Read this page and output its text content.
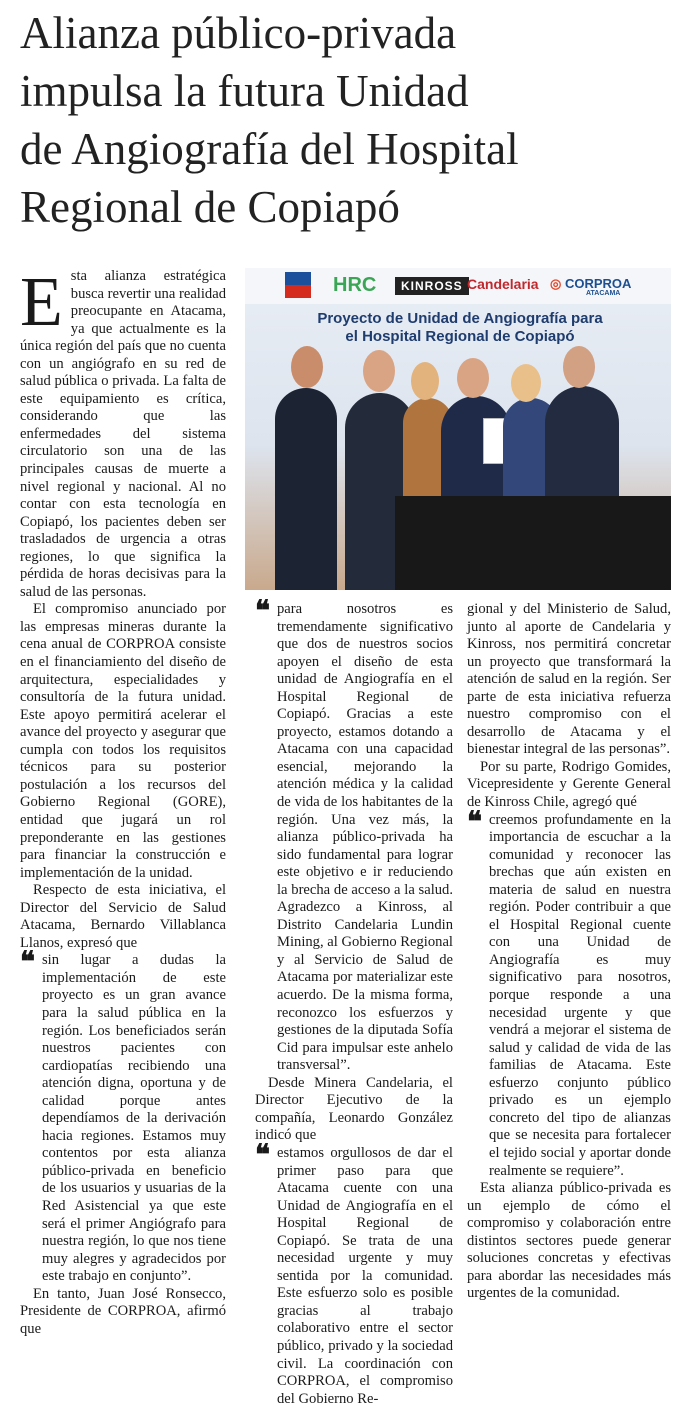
Alianza público-privada
impulsa la futura Unidad
de Angiografía del Hospital
Regional de Copiapó

Esta alianza estratégica busca revertir una realidad preocupante en Atacama, ya que actualmente es la única región del país que no cuenta con un angiógrafo en su red de salud pública o privada. La falta de este equipamiento es crítica, considerando que las enfermedades del sistema circulatorio son una de las principales causas de muerte a nivel regional y nacional. Al no contar con esta tecnología en Copiapó, los pacientes deben ser trasladados de urgencia a otras regiones, lo que significa la pérdida de horas decisivas para la salud de las personas.

El compromiso anunciado por las empresas mineras durante la cena anual de CORPROA consiste en el financiamiento del diseño de arquitectura, especialidades y consultoría de la futura unidad. Este apoyo permitirá acelerar el avance del proyecto y asegurar que cumpla con todos los requisitos técnicos para su posterior postulación a los recursos del Gobierno Regional (GORE), entidad que jugará un rol preponderante en las gestiones para financiar la construcción e implementación de la unidad.

Respecto de esta iniciativa, el Director del Servicio de Salud Atacama, Bernardo Villablanca Llanos, expresó que

❝ sin lugar a dudas la implementación de este proyecto es un gran avance para la salud pública en la región. Los beneficiados serán nuestros pacientes con cardiopatías recibiendo una atención digna, oportuna y de calidad porque antes dependíamos de la derivación hacia regiones. Estamos muy contentos por esta alianza público-privada en beneficio de los usuarios y usuarias de la Red Asistencial ya que este será el primer Angiógrafo para nuestra región, lo que nos tiene muy alegres y agradecidos por este trabajo en conjunto”.

En tanto, Juan José Ronsecco, Presidente de CORPROA, afirmó que

HRC	KINROSS Candelaria ◎ CORPROA
ATACAMA
Proyecto de Unidad de Angiografía para el Hospital Regional de Copiapó

❝ para nosotros es tremendamente significativo que dos de nuestros socios apoyen el diseño de esta unidad de Angiografía en el Hospital Regional de Copiapó. Gracias a este proyecto, estamos dotando a Atacama con una capacidad esencial, mejorando la atención médica y la calidad de vida de los habitantes de la región. Una vez más, la alianza público-privada ha sido fundamental para lograr este objetivo e ir reduciendo la brecha de acceso a la salud. Agradezco a Kinross, al Distrito Candelaria Lundin Mining, al Gobierno Regional y al Servicio de Salud de Atacama por materializar este acuerdo. De la misma forma, reconozco los esfuerzos y gestiones de la diputada Sofía Cid para impulsar este anhelo transversal”.

Desde Minera Candelaria, el Director Ejecutivo de la compañía, Leonardo González indicó que

❝ estamos orgullosos de dar el primer paso para que Atacama cuente con una Unidad de Angiografía en el Hospital Regional de Copiapó. Se trata de una necesidad urgente y muy sentida por la comunidad. Este esfuerzo solo es posible gracias al trabajo colaborativo entre el sector público, privado y la sociedad civil. La coordinación con CORPROA, el compromiso del Gobierno Re-

gional y del Ministerio de Salud, junto al aporte de Candelaria y Kinross, nos permitirá concretar un proyecto que transformará la atención de salud en la región. Ser parte de esta iniciativa refuerza nuestro compromiso con el desarrollo de Atacama y el bienestar integral de las personas”.

Por su parte, Rodrigo Gomides, Vicepresidente y Gerente General de Kinross Chile, agregó qué

❝ creemos profundamente en la importancia de escuchar a la comunidad y reconocer las brechas que aún existen en materia de salud en nuestra región. Poder contribuir a que el Hospital Regional cuente con una Unidad de Angiografía es muy significativo para nosotros, porque responde a una necesidad urgente y que vendrá a mejorar el sistema de salud y calidad de vida de las familias de Atacama. Este esfuerzo conjunto público privado es un ejemplo concreto del tipo de alianzas que se necesita para fortalecer el tejido social y aportar donde realmente se requiere”.

Esta alianza público-privada es un ejemplo de cómo el compromiso y colaboración entre distintos sectores puede generar soluciones concretas y efectivas para abordar las necesidades más urgentes de la comunidad.
